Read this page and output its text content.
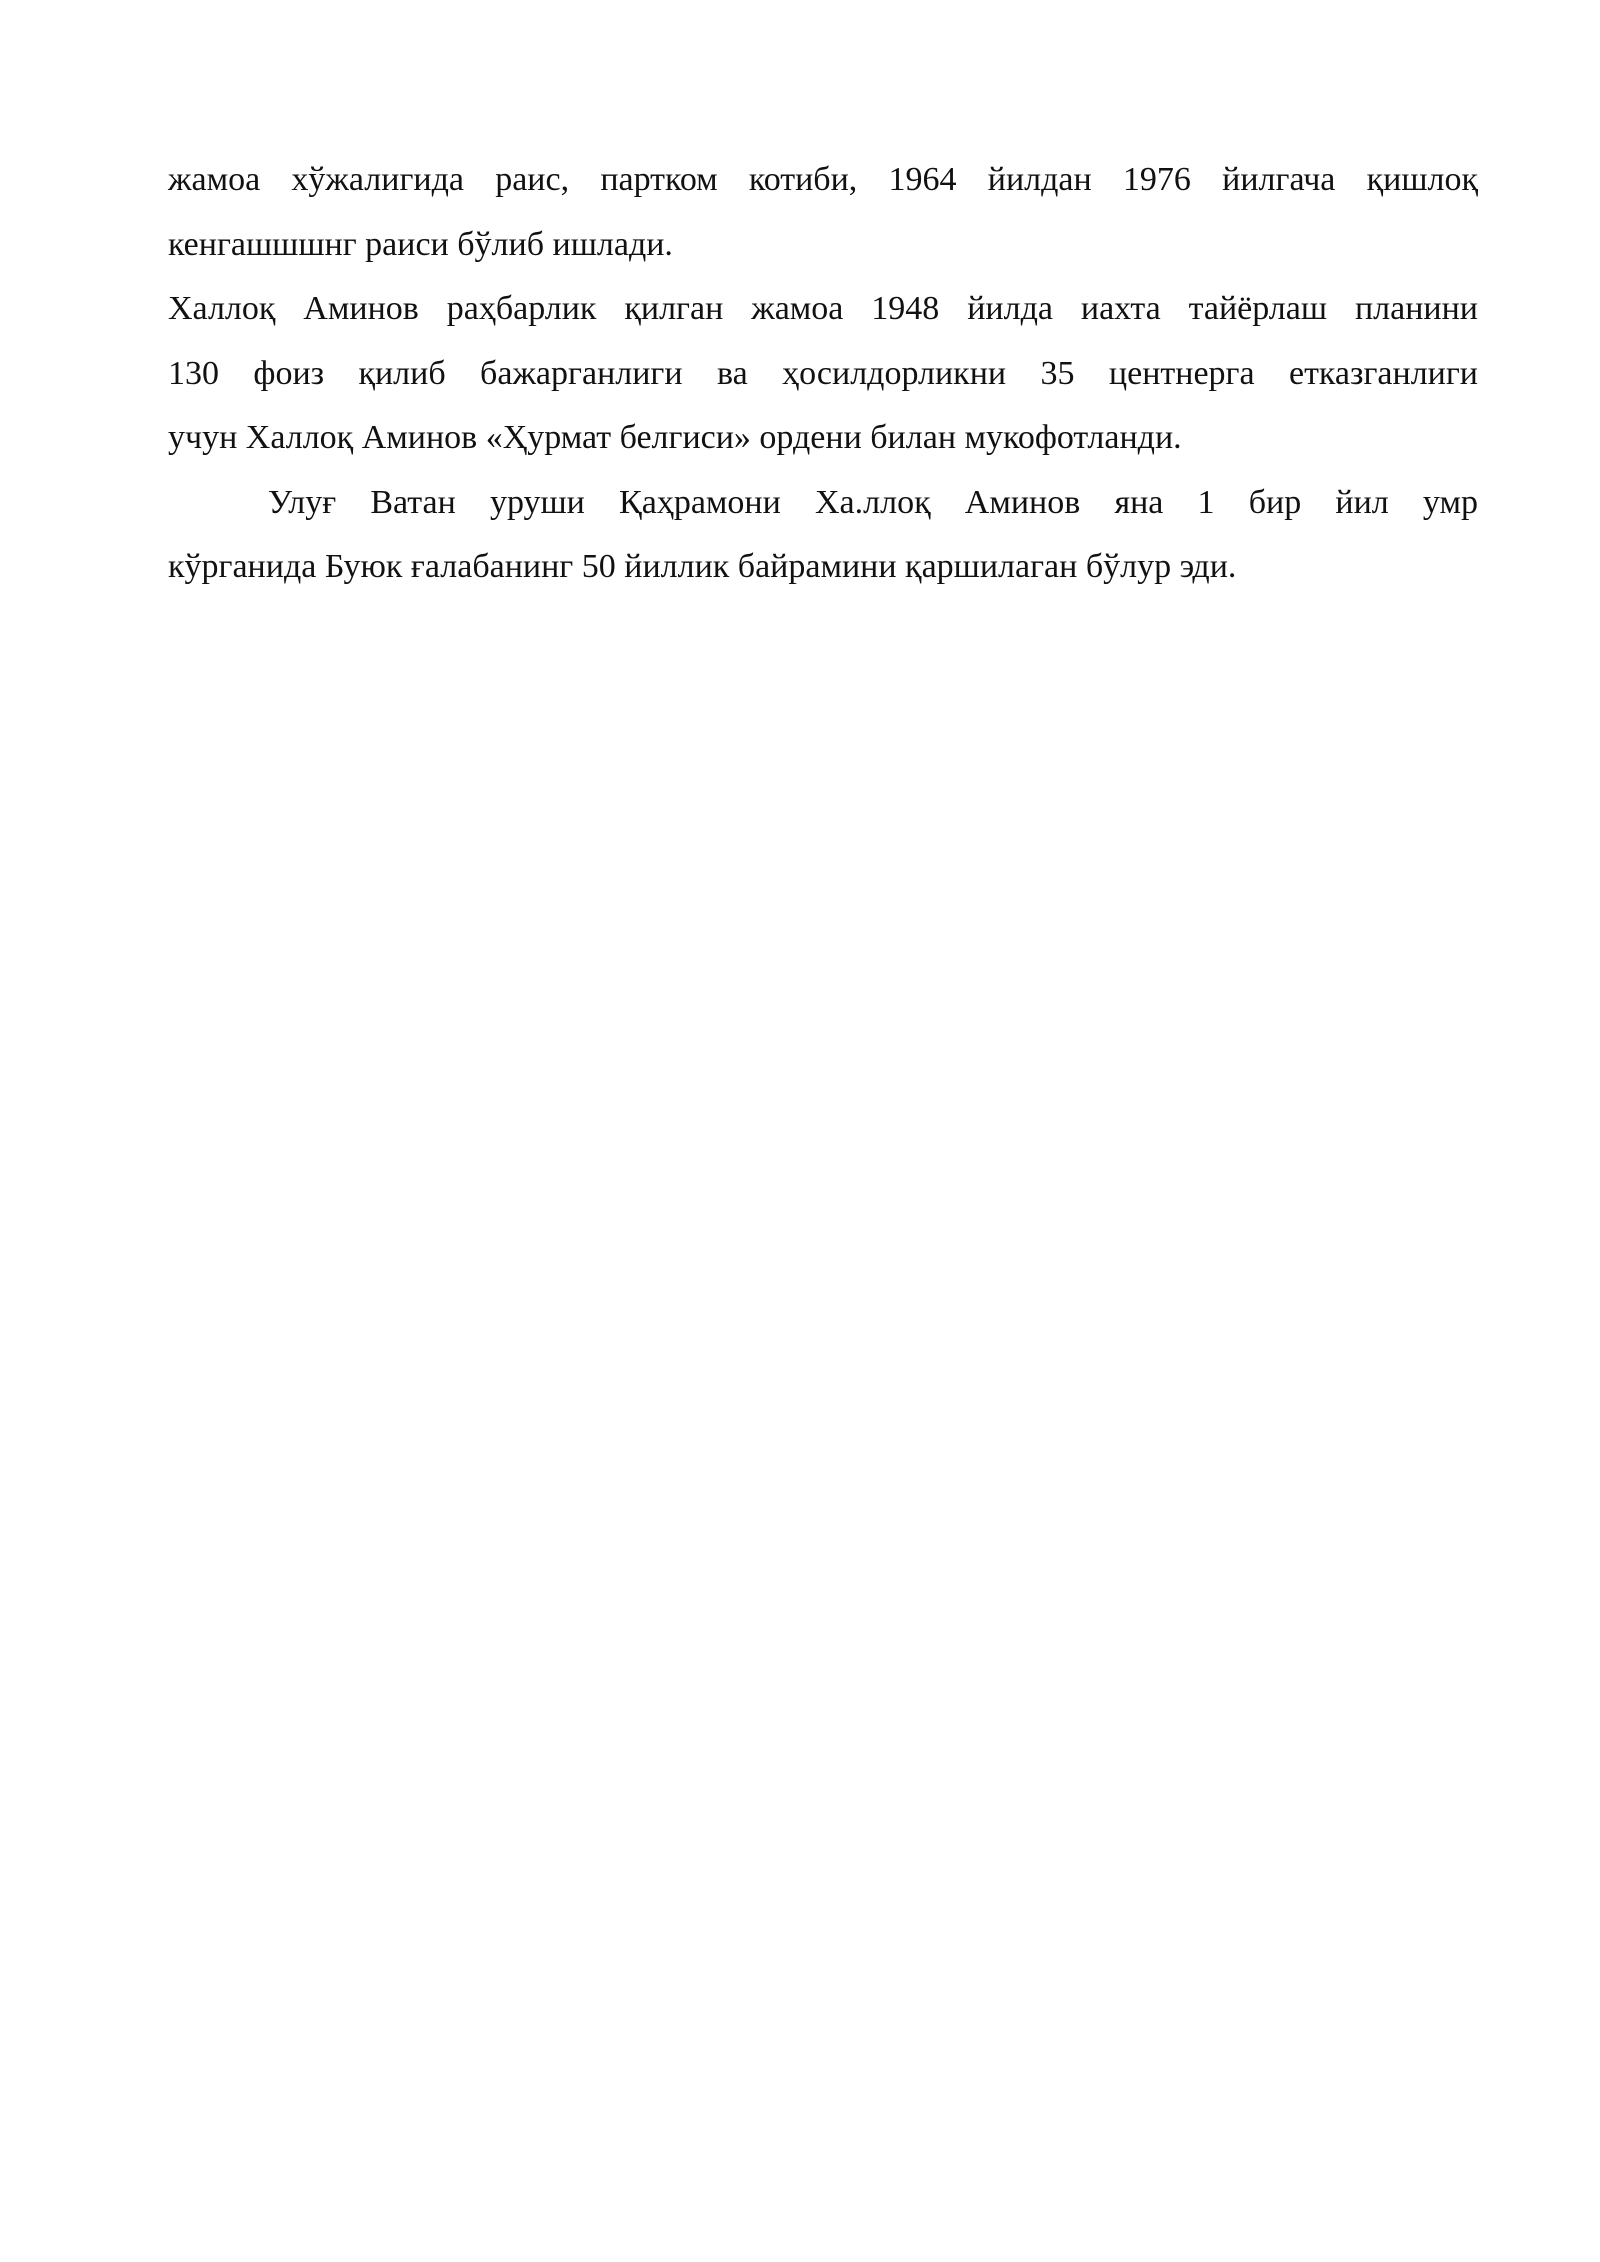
жамоа хўжалигида раис, партком котиби, 1964 йилдан 1976 йилгача қишлоқ
кенгашшшнг раиси бўлиб ишлади.
Халлоқ Аминов раҳбарлик қилган жамоа 1948 йилда иахта тайёрлаш планини
130 фоиз қилиб бажарганлиги ва ҳосилдорликни 35 центнерга етказганлиги
учун Халлоқ Аминов «Ҳурмат белгиси» ордени билан мукофотланди.
Улуғ Ватан уруши Қаҳрамони Ха.ллоқ Аминов яна 1 бир йил умр
кўрганида Буюк ғалабанинг 50 йиллик байрамини қаршилаган бўлур эди.
